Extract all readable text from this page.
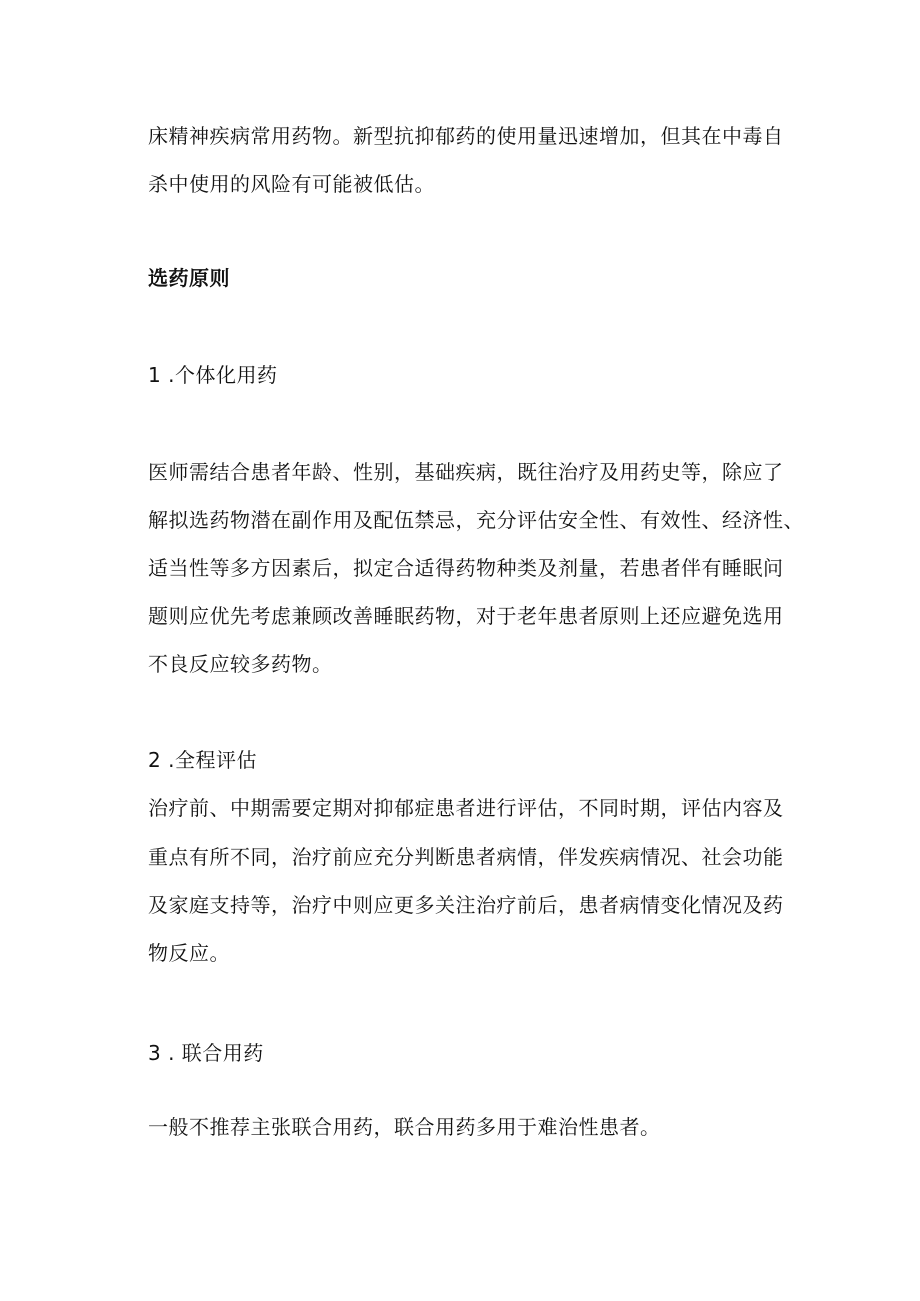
床精神疾病常用药物。新型抗抑郁药的使用量迅速增加，但其在中毒自
杀中使用的风险有可能被低估。
选药原则
1 .个体化用药
医师需结合患者年龄、性别，基础疾病，既往治疗及用药史等，除应了
解拟选药物潜在副作用及配伍禁忌，充分评估安全性、有效性、经济性、
适当性等多方因素后，拟定合适得药物种类及剂量，若患者伴有睡眠问
题则应优先考虑兼顾改善睡眠药物，对于老年患者原则上还应避免选用
不良反应较多药物。
2 .全程评估
治疗前、中期需要定期对抑郁症患者进行评估，不同时期，评估内容及
重点有所不同，治疗前应充分判断患者病情，伴发疾病情况、社会功能
及家庭支持等，治疗中则应更多关注治疗前后，患者病情变化情况及药
物反应。
3 . 联合用药
一般不推荐主张联合用药，联合用药多用于难治性患者。
